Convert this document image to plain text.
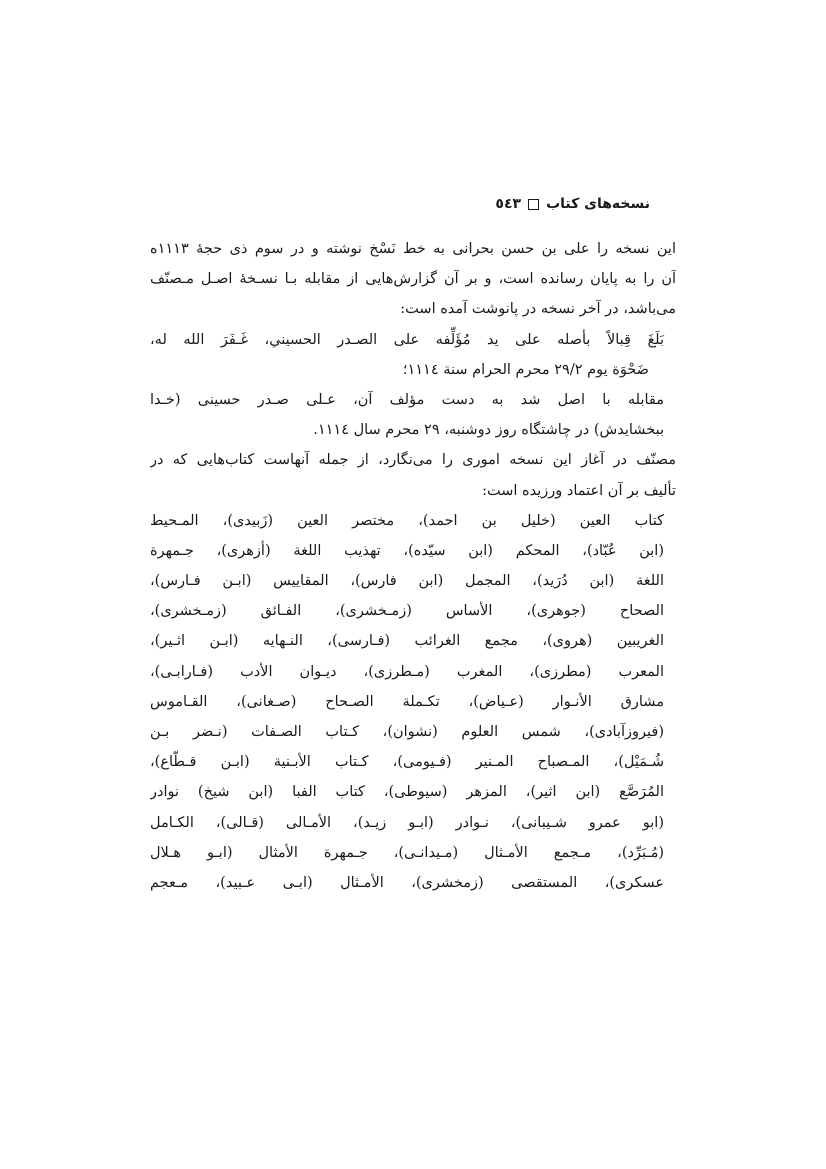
نسخه‌های کتاب
٥٤٣
این نسخه را علی بن حسن بحرانی به خط نَسْخ نوشته و در سوم ذی حجهٔ ۱۱۱۳ه
آن را به پایان رسانده است، و بر آن گزارش‌هایی از مقابله بـا نسـخهٔ اصـل مـصنّف
می‌باشد، در آخر نسخه در پانوشت آمده است:
بَلَغَ قِبالاً بأصله على يد مُؤَلِّفه على الصـدر الحسيني، غَـفَرَ الله له،
ضَحْوَة يوم ۲۹/۲ محرم الحرام سنة ١١١٤؛
مقابله با اصل شد به دست مؤلف آن، عـلی صـدر حسینی (خـدا
ببخشایدش) در چاشتگاه روز دوشنبه، ۲۹ محرم سال ١١١٤.
مصنّف در آغاز این نسخه اموری را می‌نگارد، از جمله آنهاست کتاب‌هایی که در
تألیف بر آن اعتماد ورزیده است:
کتاب العین (خلیل بن احمد)، مختصر العین (زَبیدی)، المـحیط
(ابن عُبّاد)، المحکم (ابن سیّده)، تهذیب اللغة (أزهری)، جـمهرة
اللغة (ابن دُرَید)، المجمل (ابن فارس)، المقاییس (ابـن فـارس)،
الصحاح (جوهری)، الأساس (زمـخشری)، الفـائق (زمـخشری)،
الغریبین (هروی)، مجمع الغرائب (فـارسی)، النـهایه (ابـن اثـیر)،
المعرب (مطرزی)، المغرب (مـطرزی)، دیـوان الأدب (فـارابـی)،
مشارق الأنـوار (عـیاض)، تکـملة الصـحاح (صـغانی)، القـاموس
(فیروزآبادی)، شمس العلوم (نشوان)، کـتاب الصـفات (نـضر بـن
شُـمَیْل)، المـصباح المـنیر (فـیومی)، کـتاب الأبـنیة (ابـن قـطّاع)،
المُرَصَّع (ابن اثیر)، المزهر (سیوطی)، کتاب الفبا (ابن شیخ) نوادر
(ابو عمرو شـیبانی)، نـوادر (ابـو زیـد)، الأمـالی (قـالی)، الکـامل
(مُـبَرِّد)، مـجمع الأمـثال (مـیدانـی)، جـمهرة الأمثال (ابـو هـلال
عسکری)، المستقصی (زمخشری)، الأمـثال (ابـی عـبید)، مـعجم
